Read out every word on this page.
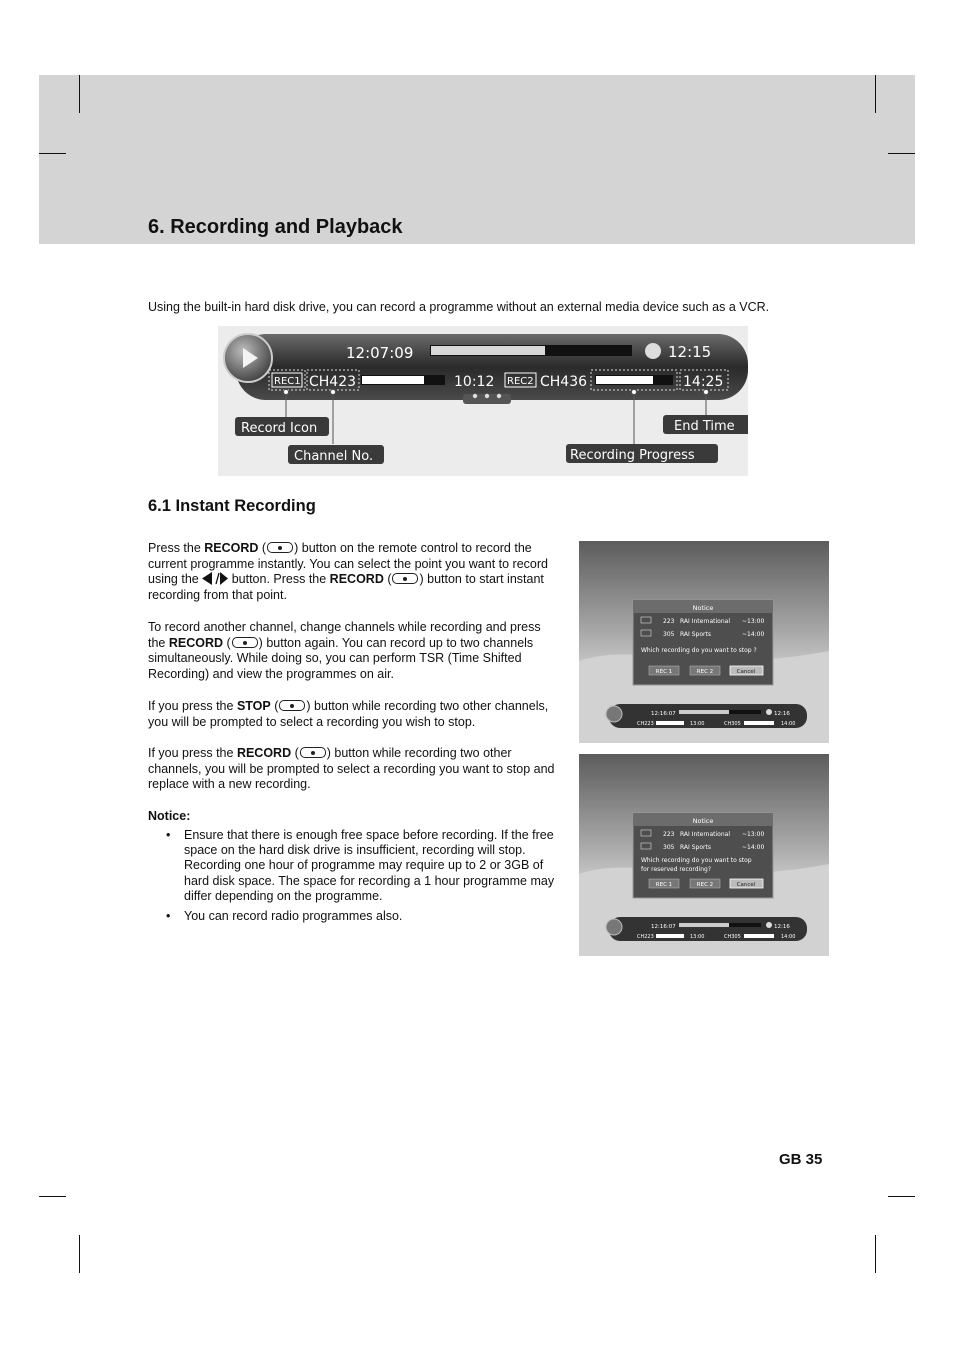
6. Recording and Playback
Using the built-in hard disk drive, you can record a programme without an external media device such as a VCR.
12:07:09	12:15
REC1 CH423	10:12 REC2 CH436	14:25
Record Icon
Channel No.	Recording Progress
End Time
6.1 Instant Recording
Press the RECORD ( ) button on the remote control to record the current programme instantly. You can select the point you want to record using the  button. Press the RECORD ( ) button to start instant recording from that point.
To record another channel, change channels while recording and press the RECORD ( ) button again. You can record up to two channels simultaneously. While doing so, you can perform TSR (Time Shifted Recording) and view the programmes on air.
If you press the STOP ( ) button while recording two other channels, you will be prompted to select a recording you wish to stop.
If you press the RECORD ( ) button while recording two other channels, you will be prompted to select a recording you want to stop and replace with a new recording.
Notice:
• Ensure that there is enough free space before recording. If the free space on the hard disk drive is insufficient, recording will stop. Recording one hour of programme may require up to 2 or 3GB of hard disk space. The space for recording a 1 hour programme may differ depending on the programme.
• You can record radio programmes also.
Notice
223 RAI International ~13:00
305 RAI Sports	~14:00
Which recording do you want to stop ?
REC 1	REC 2	Cancel
12:16:07	12:16
CH223	13:00	CH305	14:00
Notice
223 RAI International ~13:00
305 RAI Sports	~14:00
Which recording do you want to stop
for reserved recording?
REC 1	REC 2	Cancel
12:16:07	12:16
CH223	13:00	CH305	14:00
GB 35
